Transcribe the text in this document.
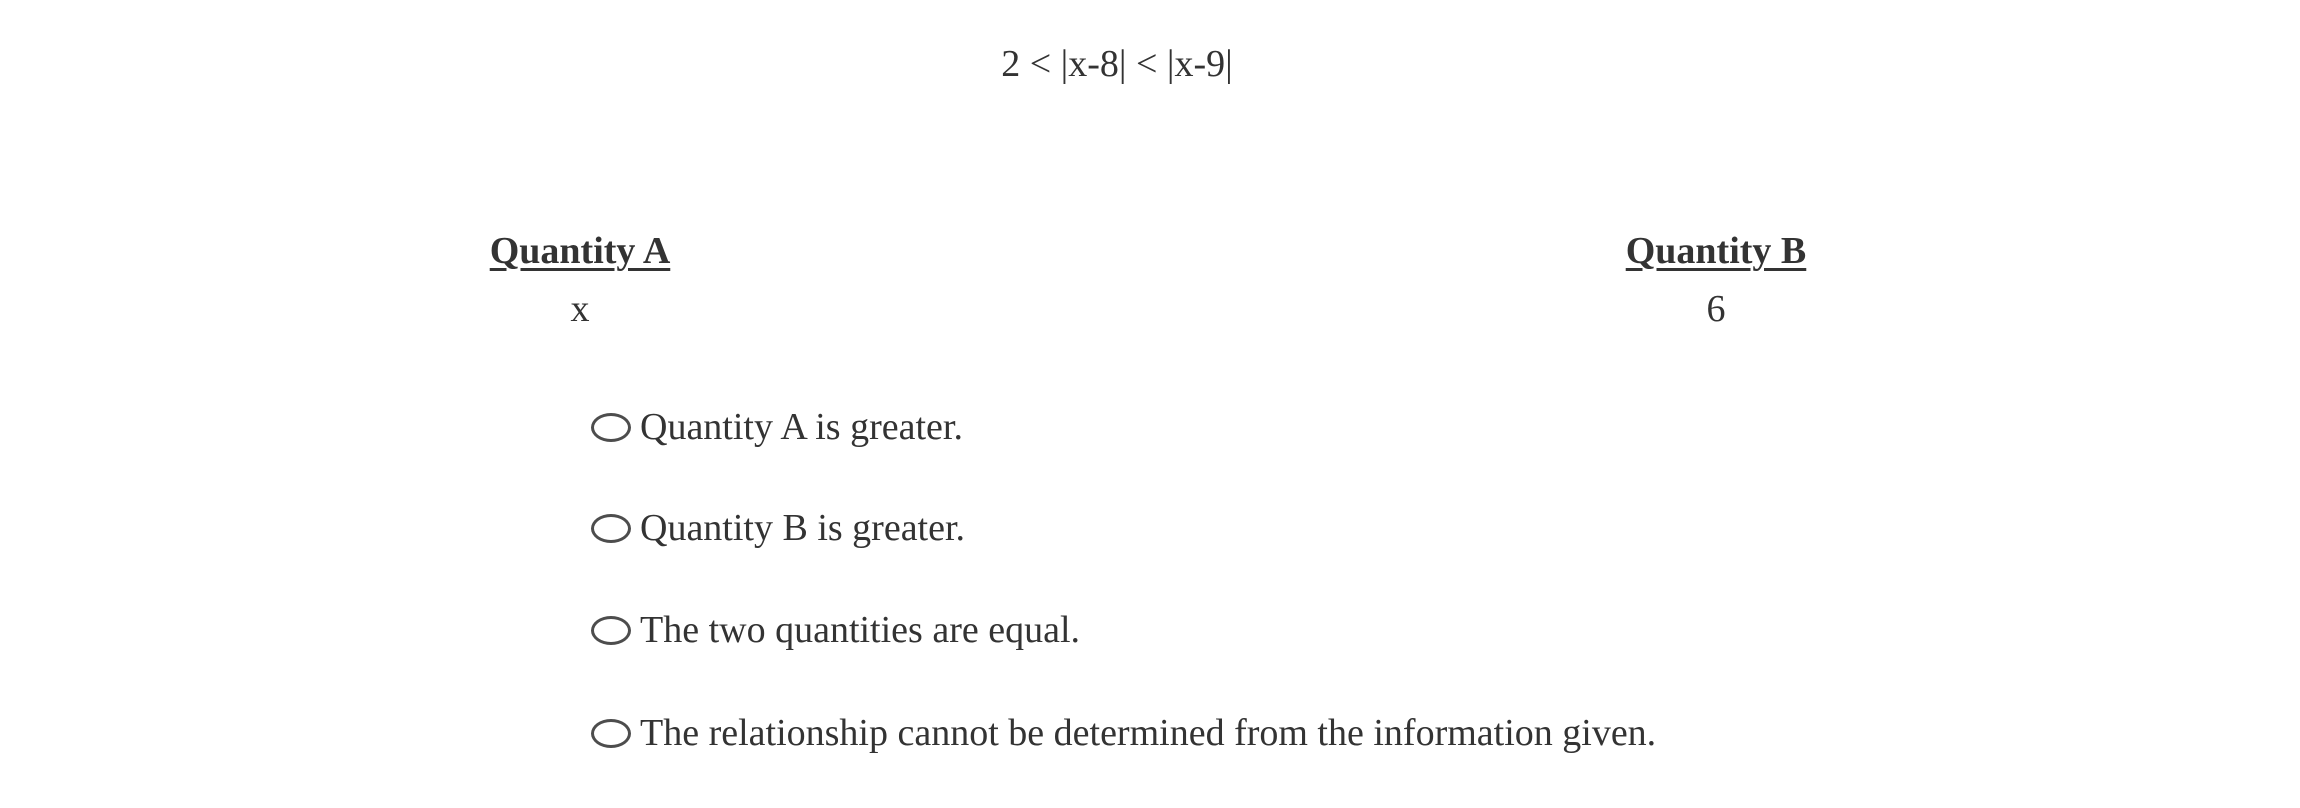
2 < |x-8| < |x-9|
Quantity A	Quantity B
x	6
Quantity A is greater.
Quantity B is greater.
The two quantities are equal.
The relationship cannot be determined from the information given.
